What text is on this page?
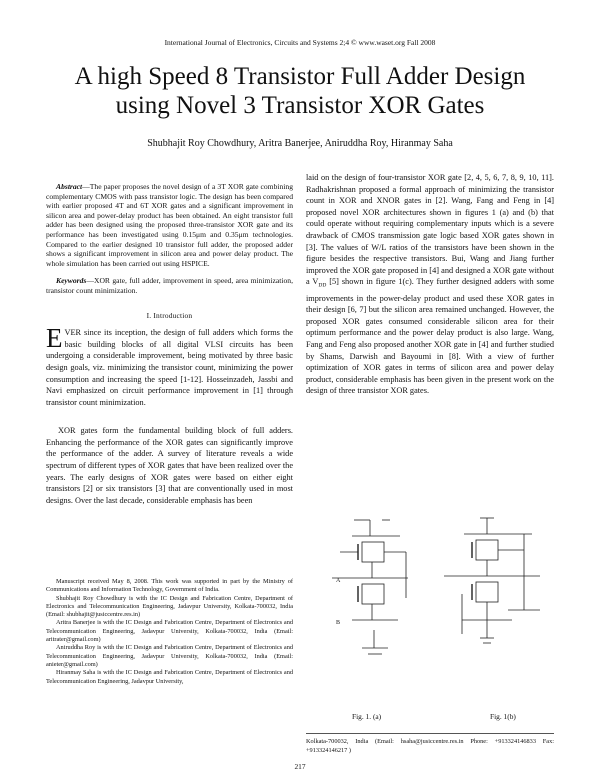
International Journal of Electronics, Circuits and Systems 2;4 © www.waset.org Fall 2008
A high Speed 8 Transistor Full Adder Design
using Novel 3 Transistor XOR Gates
Shubhajit Roy Chowdhury, Aritra Banerjee, Aniruddha Roy, Hiranmay Saha

Abstract—The paper proposes the novel design of a 3T XOR gate combining complementary CMOS with pass transistor logic. The design has been compared with earlier proposed 4T and 6T XOR gates and a significant improvement in silicon area and power-delay product has been obtained. An eight transistor full adder has been designed using the proposed three-transistor XOR gate and its performance has been investigated using 0.15μm and 0.35μm technologies. Compared to the earlier designed 10 transistor full adder, the proposed adder shows a significant improvement in silicon area and power delay product. The whole simulation has been carried out using HSPICE.

Keywords—XOR gate, full adder, improvement in speed, area minimization, transistor count minimization.

I. Introduction

EVER since its inception, the design of full adders which forms the basic building blocks of all digital VLSI circuits has been undergoing a considerable improvement, being motivated by three basic design goals, viz. minimizing the transistor count, minimizing the power consumption and increasing the speed [1-12]. Hosseinzadeh, Jassbi and Navi emphasized on circuit performance improvement in [1] through transistor count minimization.

XOR gates form the fundamental building block of full adders. Enhancing the performance of the XOR gates can significantly improve the performance of the adder. A survey of literature reveals a wide spectrum of different types of XOR gates that have been realized over the years. The early designs of XOR gates were based on either eight transistors [2] or six transistors [3] that are conventionally used in most designs. Over the last decade, considerable emphasis has been

Manuscript received May 8, 2008. This work was supported in part by the Ministry of Communications and Information Technology, Government of India.

Shubhajit Roy Chowdhury is with the IC Design and Fabrication Centre, Department of Electronics and Telecommunication Engineering, Jadavpur University, Kolkata-700032, India (Email: shubhajit@jusiccentre.res.in)

Aritra Banerjee is with the IC Design and Fabrication Centre, Department of Electronics and Telecommunication Engineering, Jadavpur University, Kolkata-700032, India (Email: aritrater@gmail.com)

Aniruddha Roy is with the IC Design and Fabrication Centre, Department of Electronics and Telecommunication Engineering, Jadavpur University, Kolkata-700032, India (Email: anieter@gmail.com)

Hiranmay Saha is with the IC Design and Fabrication Centre, Department of Electronics and Telecommunication Engineering, Jadavpur University,

laid on the design of four-transistor XOR gate [2, 4, 5, 6, 7, 8, 9, 10, 11]. Radhakrishnan proposed a formal approach of minimizing the transistor count in XOR and XNOR gates in [2]. Wang, Fang and Feng in [4] proposed novel XOR architectures shown in figures 1 (a) and (b) that could operate without requiring complementary inputs which is a severe drawback of CMOS transmission gate logic based XOR gates shown in [3]. The values of W/L ratios of the transistors have been shown in the figure besides the respective transistors. Bui, Wang and Jiang further improved the XOR gate proposed in [4] and designed a XOR gate without a $V_{DD}$ [5] shown in figure 1(c). They further designed adders with some improvements in the power-delay product and used these XOR gates in their design [6, 7] but the silicon area remained unchanged. However, the proposed XOR gates consumed considerable silicon area for their optimum performance and the power delay product is also large. Wang, Fang and Feng also proposed another XOR gate in [4] and further studied by Shams, Darwish and Bayoumi in [8]. With a view of further optimization of XOR gates in terms of silicon area and power delay product, considerable emphasis has been given in the present work on the design of three transistor XOR gates.

A
B
Fig. 1. (a)	Fig. 1(b)
Kolkata-700032, India (Email: hsaha@jusiccentre.res.in Phone: +913324146833 Fax: +913324146217 )
217
